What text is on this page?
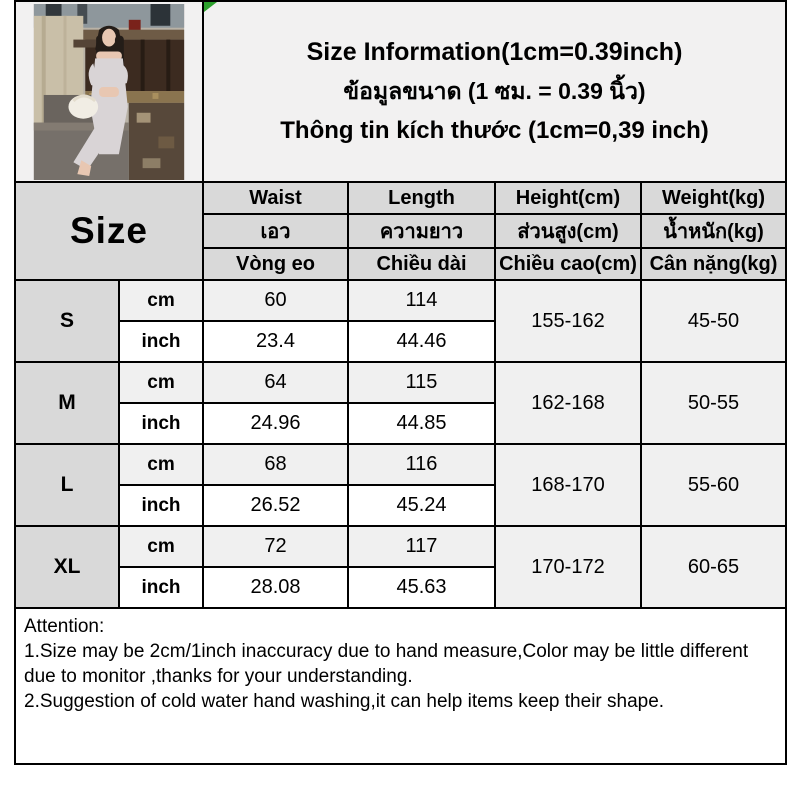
Size Information(1cm=0.39inch)
ข้อมูลขนาด (1 ซม. = 0.39 นิ้ว)
Thông tin kích thước (1cm=0,39 inch)			

Size		Waist	Length	Height(cm)	Weight(kg)
		เอว	ความยาว	ส่วนสูง(cm)	น้ำหนัก(kg)
		Vòng eo	Chiều dài	Chiều cao(cm)	Cân nặng(kg)
S	cm	60	114	155-162	45-50
	inch	23.4	44.46		
M	cm	64	115	162-168	50-55
	inch	24.96	44.85		
L	cm	68	116	168-170	55-60
	inch	26.52	45.24		
XL	cm	72	117	170-172	60-65
	inch	28.08	45.63		

Attention:
1.Size may be 2cm/1inch inaccuracy due to hand measure,Color may be little different due to monitor ,thanks for your understanding.
2.Suggestion of cold water hand washing,it can help items keep their shape.					
